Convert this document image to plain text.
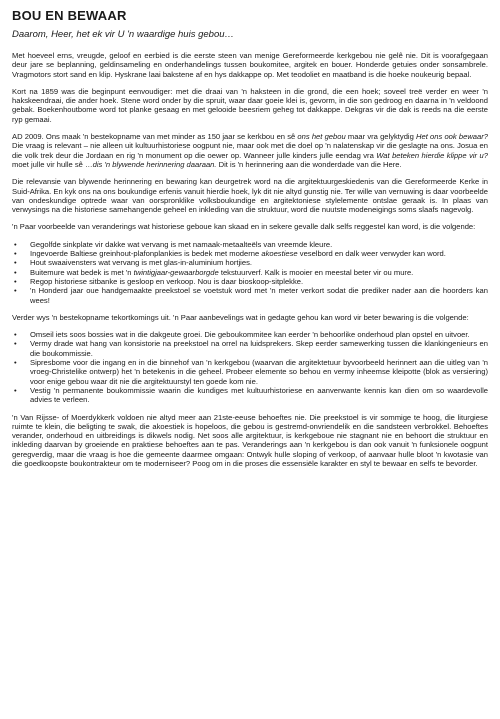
BOU EN BEWAAR
Daarom, Heer, het ek vir U 'n waardige huis gebou…

Met hoeveel erns, vreugde, geloof en eerbied is die eerste steen van menige Gereformeerde kerkgebou nie gelê nie. Dit is voorafgegaan deur jare se beplanning, geldinsameling en onderhandelings tussen boukomitee, argitek en bouer. Honderde getuies onder sonsambrele. Vragmotors stort sand en klip. Hyskrane laai bakstene af en hys dakkappe op. Met teodoliet en maatband is die hoeke noukeurig bepaal.

Kort na 1859 was die beginpunt eenvoudiger: met die draai van 'n haksteen in die grond, die een hoek; soveel treë verder en weer 'n hakskeendraai, die ander hoek. Stene word onder by die spruit, waar daar goeie klei is, gevorm, in die son gedroog en daarna in 'n veldoond gebak. Boekenhoutbome word tot planke gesaag en met gelooide beesriem geheg tot dakkappe. Dekgras vir die dak is reeds na die eerste ryp gemaai.

AD 2009. Ons maak 'n bestekopname van met minder as 150 jaar se kerkbou en sê ons het gebou maar vra gelyktydig Het ons ook bewaar? Die vraag is relevant – nie alleen uit kultuurhistoriese oogpunt nie, maar ook met die doel op 'n nalatenskap vir die geslagte na ons. Josua en die volk trek deur die Jordaan en rig 'n monument op die oewer op. Wanneer julle kinders julle eendag vra Wat beteken hierdie klippe vir u? moet julle vir hulle sê …dis 'n blywende herinnering daaraan. Dit is 'n herinnering aan die wonderdade van die Here.

Die relevansie van blywende herinnering en bewaring kan deurgetrek word na die argitektuurgeskiedenis van die Gereformeerde Kerke in Suid-Afrika. En kyk ons na ons boukundige erfenis vanuit hierdie hoek, lyk dit nie altyd gunstig nie. Ter wille van vernuwing is daar voorbeelde van ondeskundige optrede waar van oorspronklike volksboukundige en argitektoniese stylelemente ontslae geraak is. In plaas van verwysings na die historiese samehangende geheel en inkleding van die struktuur, word die nuutste modeneigings soms slaafs nagevolg.

'n Paar voorbeelde van veranderings wat historiese geboue kan skaad en in sekere gevalle dalk selfs reggestel kan word, is die volgende:

• Gegolfde sinkplate vir dakke wat vervang is met namaak-metaalteëls van vreemde kleure.
• Ingevoerde Baltiese greinhout-plafonplankies is bedek met moderne akoestiese veselbord en dalk weer verwyder kan word.
• Hout swaaivensters wat vervang is met glas-in-aluminium hortjies.
• Buitemure wat bedek is met 'n twintigjaar-gewaarborgde tekstuurverf. Kalk is mooier en meestal beter vir ou mure.
• Regop historiese sitbanke is gesloop en verkoop. Nou is daar bioskoop-sitplekke.
• 'n Honderd jaar oue handgemaakte preekstoel se voetstuk word met 'n meter verkort sodat die prediker nader aan die hoorders kan wees!

Verder wys 'n bestekopname tekortkomings uit. 'n Paar aanbevelings wat in gedagte gehou kan word vir beter bewaring is die volgende:

• Omseil iets soos bossies wat in die dakgeute groei. Die geboukommitee kan eerder 'n behoorlike onderhoud plan opstel en uitvoer.
• Vermy drade wat hang van konsistorie na preekstoel na orrel na luidsprekers. Skep eerder samewerking tussen die klankingenieurs en die boukommissie.
• Sipresbome voor die ingang en in die binnehof van 'n kerkgebou (waarvan die argitektetuur byvoorbeeld herinnert aan die uitleg van 'n vroeg-Christelike ontwerp) het 'n betekenis in die geheel. Probeer elemente so behou en vermy inheemse kleipotte (blok as versiering) voor enige gebou waar dit nie die argitektuurstyl ten goede kom nie.
• Vestig 'n permanente boukommissie waarin die kundiges met kultuurhistoriese en aanverwante kennis kan dien om so waardevolle advies te verleen.

'n Van Rijsse- of Moerdykkerk voldoen nie altyd meer aan 21ste-eeuse behoeftes nie. Die preekstoel is vir sommige te hoog, die liturgiese ruimte te klein, die beligting te swak, die akoestiek is hopeloos, die gebou is gestremd-onvriendelik en die sandsteen verbrokkel. Behoeftes verander, onderhoud en uitbreidings is dikwels nodig. Net soos alle argitektuur, is kerkgeboue nie stagnant nie en behoort die struktuur en inkleding daarvan by groeiende en praktiese behoeftes aan te pas. Veranderings aan 'n kerkgebou is dan ook vanuit 'n funksionele oogpunt geregverdig, maar die vraag is hoe die gemeente daarmee omgaan: Ontwyk hulle sloping of verkoop, of aanvaar hulle bloot 'n kwotasie van die goedkoopste boukontrakteur om te moderniseer? Poog om in die proses die essensiële karakter en styl te bewaar en selfs te bevorder.
